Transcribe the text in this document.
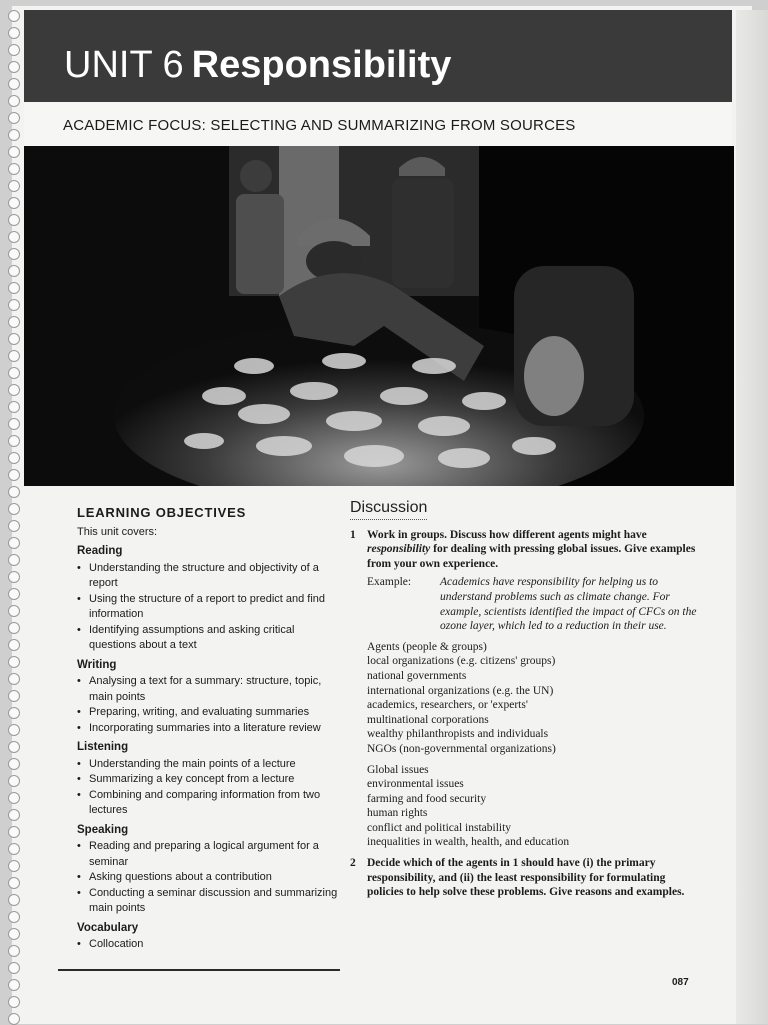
UNIT 6 Responsibility
ACADEMIC FOCUS: SELECTING AND SUMMARIZING FROM SOURCES
LEARNING OBJECTIVES
This unit covers:
Reading
• Understanding the structure and objectivity of a report
• Using the structure of a report to predict and find information
• Identifying assumptions and asking critical questions about a text
Writing
• Analysing a text for a summary: structure, topic, main points
• Preparing, writing, and evaluating summaries
• Incorporating summaries into a literature review
Listening
• Understanding the main points of a lecture
• Summarizing a key concept from a lecture
• Combining and comparing information from two lectures
Speaking
• Reading and preparing a logical argument for a seminar
• Asking questions about a contribution
• Conducting a seminar discussion and summarizing main points
Vocabulary
• Collocation
Discussion
1 Work in groups. Discuss how different agents might have responsibility for dealing with pressing global issues. Give examples from your own experience.
Example:	Academics have responsibility for helping us to understand problems such as climate change. For example, scientists identified the impact of CFCs on the ozone layer, which led to a reduction in their use.
Agents (people & groups)
local organizations (e.g. citizens' groups)
national governments
international organizations (e.g. the UN)
academics, researchers, or 'experts'
multinational corporations
wealthy philanthropists and individuals
NGOs (non-governmental organizations)
Global issues
environmental issues
farming and food security
human rights
conflict and political instability
inequalities in wealth, health, and education
2 Decide which of the agents in 1 should have (i) the primary responsibility, and (ii) the least responsibility for formulating policies to help solve these problems. Give reasons and examples.
087
